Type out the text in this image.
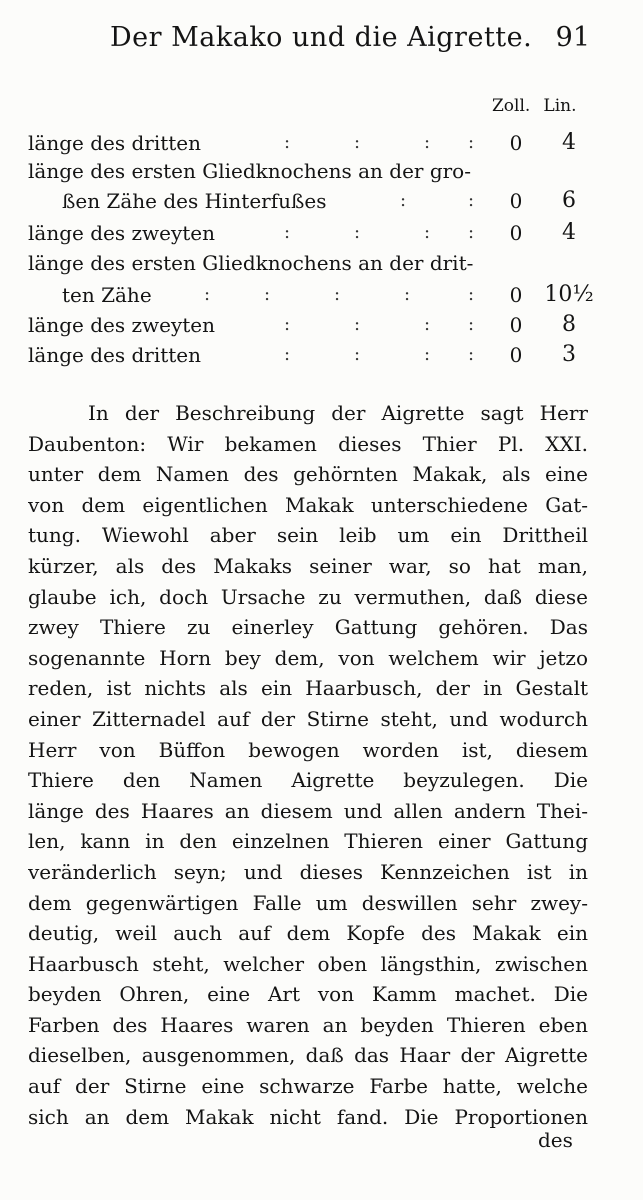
Der Makako und die Aigrette. 91
Zoll. Lin.
länge des dritten	:	:	: : 0	4
länge des ersten Gliedknochens an der gro-
ßen Zähe des Hinterfußes	:	: 0	6
länge des zweyten	:	:	: : 0	4
länge des ersten Gliedknochens an der drit-
ten Zähe	:	:	:	:	: 0 10½
länge des zweyten	:	:	: : 0	8
länge des dritten	:	:	: : 0	3
In der Beschreibung der Aigrette sagt Herr
Daubenton: Wir bekamen dieses Thier Pl. XXI.
unter dem Namen des gehörnten Makak, als eine
von dem eigentlichen Makak unterschiedene Gat-
tung. Wiewohl aber sein leib um ein Drittheil
kürzer, als des Makaks seiner war, so hat man,
glaube ich, doch Ursache zu vermuthen, daß diese
zwey Thiere zu einerley Gattung gehören. Das
sogenannte Horn bey dem, von welchem wir jetzo
reden, ist nichts als ein Haarbusch, der in Gestalt
einer Zitternadel auf der Stirne steht, und wodurch
Herr von Büffon bewogen worden ist, diesem
Thiere den Namen Aigrette beyzulegen. Die
länge des Haares an diesem und allen andern Thei-
len, kann in den einzelnen Thieren einer Gattung
veränderlich seyn; und dieses Kennzeichen ist in
dem gegenwärtigen Falle um deswillen sehr zwey-
deutig, weil auch auf dem Kopfe des Makak ein
Haarbusch steht, welcher oben längsthin, zwischen
beyden Ohren, eine Art von Kamm machet. Die
Farben des Haares waren an beyden Thieren eben
dieselben, ausgenommen, daß das Haar der Aigrette
auf der Stirne eine schwarze Farbe hatte, welche
sich an dem Makak nicht fand. Die Proportionen
des
